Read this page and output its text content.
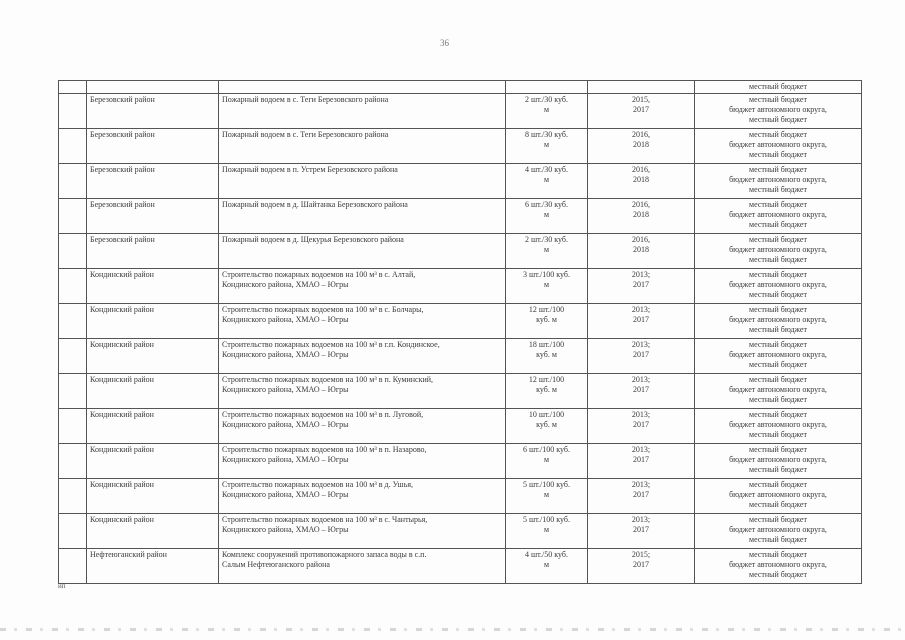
36

					местный бюджет

	Березовский район	Пожарный водоем в с. Теги Березовского района	2 шт./30 куб.
м	2015,
2017	местный бюджет
бюджет автономного округа,
местный бюджет

	Березовский район	Пожарный водоем в с. Теги Березовского района	8 шт./30 куб.
м	2016,
2018	местный бюджет
бюджет автономного округа,
местный бюджет

	Березовский район	Пожарный водоем в п. Устрем Березовского района	4 шт./30 куб.
м	2016,
2018	местный бюджет
бюджет автономного округа,
местный бюджет

	Березовский район	Пожарный водоем в д. Шайтанка Березовского района	6 шт./30 куб.
м	2016,
2018	местный бюджет
бюджет автономного округа,
местный бюджет

	Березовский район	Пожарный водоем в д. Щекурья Березовского района	2 шт./30 куб.
м	2016,
2018	местный бюджет
бюджет автономного округа,
местный бюджет

	Кондинский район	Строительство пожарных водоемов на 100 м³ в с. Алтай,
Кондинского района, ХМАО – Югры	3 шт./100 куб.
м	2013;
2017	местный бюджет
бюджет автономного округа,
местный бюджет

	Кондинский район	Строительство пожарных водоемов на 100 м³ в с. Болчары,
Кондинского района, ХМАО – Югры	12 шт./100
куб. м	2013;
2017	местный бюджет
бюджет автономного округа,
местный бюджет

	Кондинский район	Строительство пожарных водоемов на 100 м³ в г.п. Кондинское,
Кондинского района, ХМАО – Югры	18 шт./100
куб. м	2013;
2017	местный бюджет
бюджет автономного округа,
местный бюджет

	Кондинский район	Строительство пожарных водоемов на 100 м³ в п. Куминский,
Кондинского района, ХМАО – Югры	12 шт./100
куб. м	2013;
2017	местный бюджет
бюджет автономного округа,
местный бюджет

	Кондинский район	Строительство пожарных водоемов на 100 м³ в п. Луговой,
Кондинского района, ХМАО – Югры	10 шт./100
куб. м	2013;
2017	местный бюджет
бюджет автономного округа,
местный бюджет

	Кондинский район	Строительство пожарных водоемов на 100 м³ в п. Назарово,
Кондинского района, ХМАО – Югры	6 шт./100 куб.
м	2013;
2017	местный бюджет
бюджет автономного округа,
местный бюджет

	Кондинский район	Строительство пожарных водоемов на 100 м³ в д. Ушья,
Кондинского района, ХМАО – Югры	5 шт./100 куб.
м	2013;
2017	местный бюджет
бюджет автономного округа,
местный бюджет

	Кондинский район	Строительство пожарных водоемов на 100 м³ в с. Чантырья,
Кондинского района, ХМАО – Югры	5 шт./100 куб.
м	2013;
2017	местный бюджет
бюджет автономного округа,
местный бюджет

	Нефтеюганский район	Комплекс сооружений противопожарного запаса воды в с.п.
Салым Нефтеюганского района	4 шт./50 куб.
м	2015;
2017	местный бюджет
бюджет автономного округа,
местный бюджет
ип
